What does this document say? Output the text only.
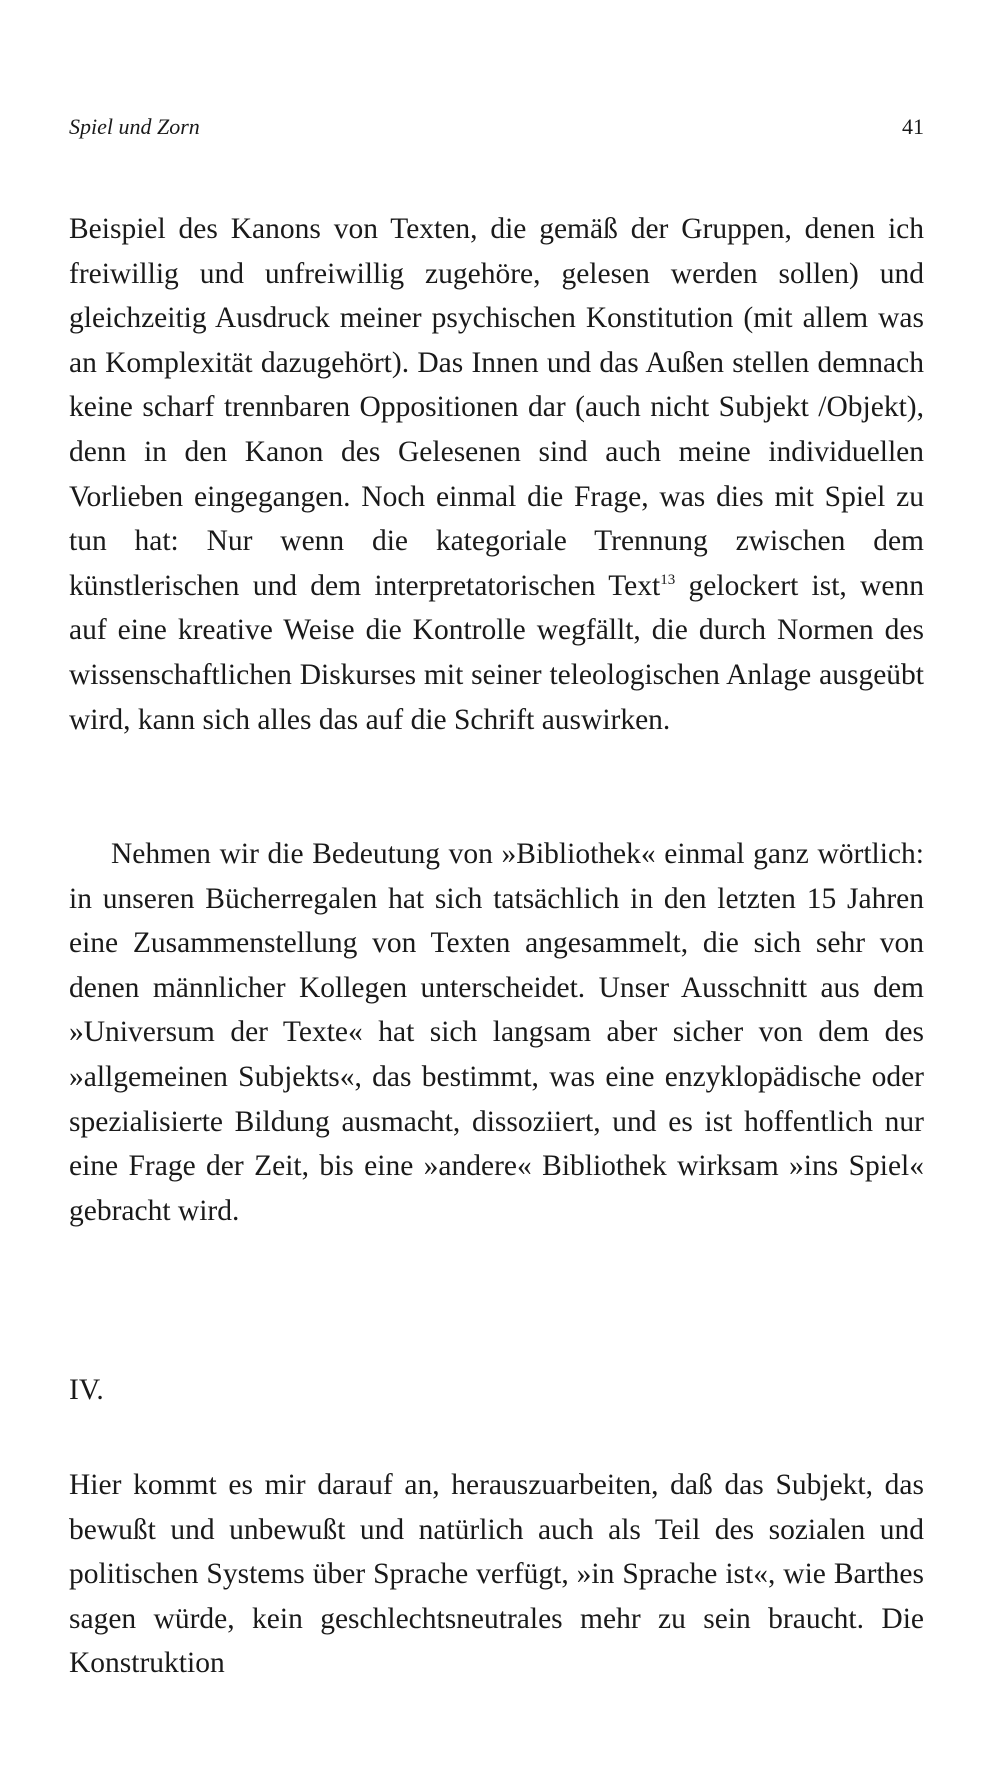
Spiel und Zorn	41

Beispiel des Kanons von Texten, die gemäß der Gruppen, denen ich freiwillig und unfreiwillig zugehöre, gelesen werden sollen) und gleichzeitig Ausdruck meiner psychischen Konstitution (mit allem was an Komplexität dazugehört). Das Innen und das Außen stellen demnach keine scharf trennbaren Oppositionen dar (auch nicht Subjekt /Objekt), denn in den Kanon des Gelesenen sind auch meine individuellen Vorlieben eingegangen. Noch einmal die Frage, was dies mit Spiel zu tun hat: Nur wenn die kategoriale Trennung zwischen dem künstlerischen und dem interpretatorischen Text$^{13}$ gelockert ist, wenn auf eine kreative Weise die Kontrolle wegfällt, die durch Normen des wissenschaftlichen Diskurses mit seiner teleologischen Anlage ausgeübt wird, kann sich alles das auf die Schrift auswirken.

Nehmen wir die Bedeutung von »Bibliothek« einmal ganz wörtlich: in unseren Bücherregalen hat sich tatsächlich in den letzten 15 Jahren eine Zusammenstellung von Texten angesammelt, die sich sehr von denen männlicher Kollegen unterscheidet. Unser Ausschnitt aus dem »Universum der Texte« hat sich langsam aber sicher von dem des »allgemeinen Subjekts«, das bestimmt, was eine enzyklopädische oder spezialisierte Bildung ausmacht, dissoziiert, und es ist hoffentlich nur eine Frage der Zeit, bis eine »andere« Bibliothek wirksam »ins Spiel« gebracht wird.

IV.

Hier kommt es mir darauf an, herauszuarbeiten, daß das Subjekt, das bewußt und unbewußt und natürlich auch als Teil des sozialen und politischen Systems über Sprache verfügt, »in Sprache ist«, wie Barthes sagen würde, kein geschlechtsneutrales mehr zu sein braucht. Die Konstruktion
